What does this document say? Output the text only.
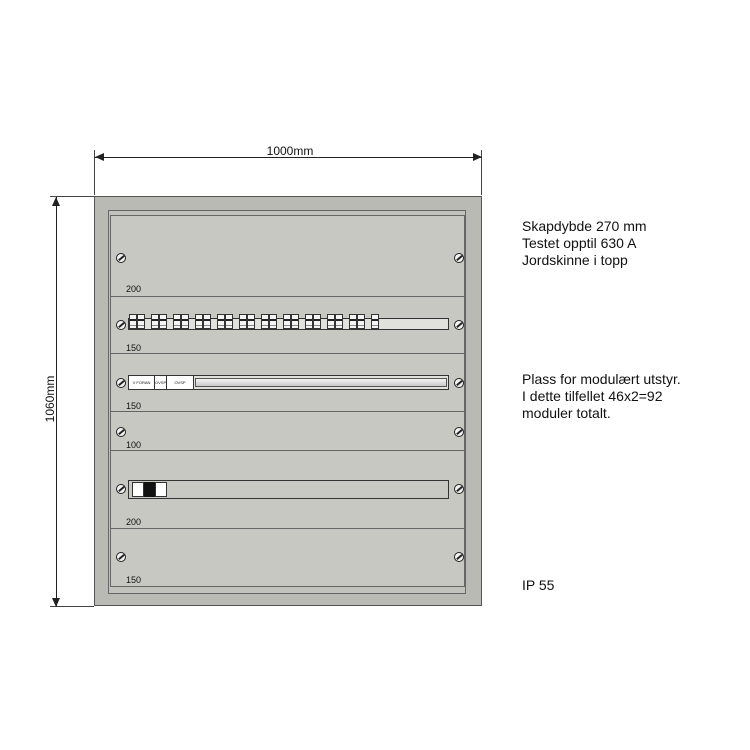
1000mm
1060mm
200
150
V FORAN	OVSP	OVSP
150
100
200
150
Skapdybde 270 mm
Testet opptil 630 A
Jordskinne i topp
Plass for modulært utstyr.
I dette tilfellet 46x2=92
moduler totalt.
IP 55
